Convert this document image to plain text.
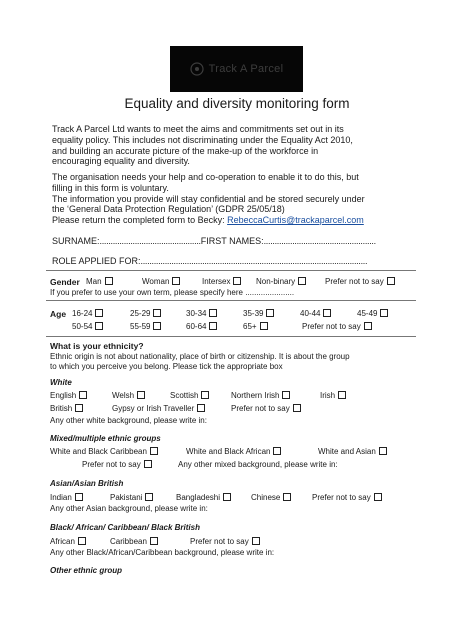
Track A Parcel
Equality and diversity monitoring form

Track A Parcel Ltd wants to meet the aims and commitments set out in its
equality policy. This includes not discriminating under the Equality Act 2010,
and building an accurate picture of the make-up of the workforce in
encouraging equality and diversity.

The organisation needs your help and co-operation to enable it to do this, but
filling in this form is voluntary.
The information you provide will stay confidential and be stored securely under
the ‘General Data Protection Regulation’ (GDPR 25/05/18)
Please return the completed form to Becky: RebeccaCurtis@trackaparcel.com

SURNAME:..............................................FIRST NAMES:...................................................
ROLE APPLIED FOR:.......................................................................................................
Gender Man	Woman	Intersex	Non-binary	Prefer not to say
If you prefer to use your own term, please specify here ......................
Age 16-24	25-29	30-34	35-39	40-44	45-49
50-54	55-59	60-64	65+	Prefer not to say
What is your ethnicity?
Ethnic origin is not about nationality, place of birth or citizenship. It is about the group
to which you perceive you belong. Please tick the appropriate box
White
English	Welsh	Scottish	Northern Irish	Irish
British	Gypsy or Irish Traveller	Prefer not to say
Any other white background, please write in:
Mixed/multiple ethnic groups
White and Black Caribbean	White and Black African	White and Asian
Prefer not to say	Any other mixed background, please write in:
Asian/Asian British
Indian	Pakistani	Bangladeshi	Chinese	Prefer not to say
Any other Asian background, please write in:
Black/ African/ Caribbean/ Black British
African	Caribbean	Prefer not to say
Any other Black/African/Caribbean background, please write in:
Other ethnic group
